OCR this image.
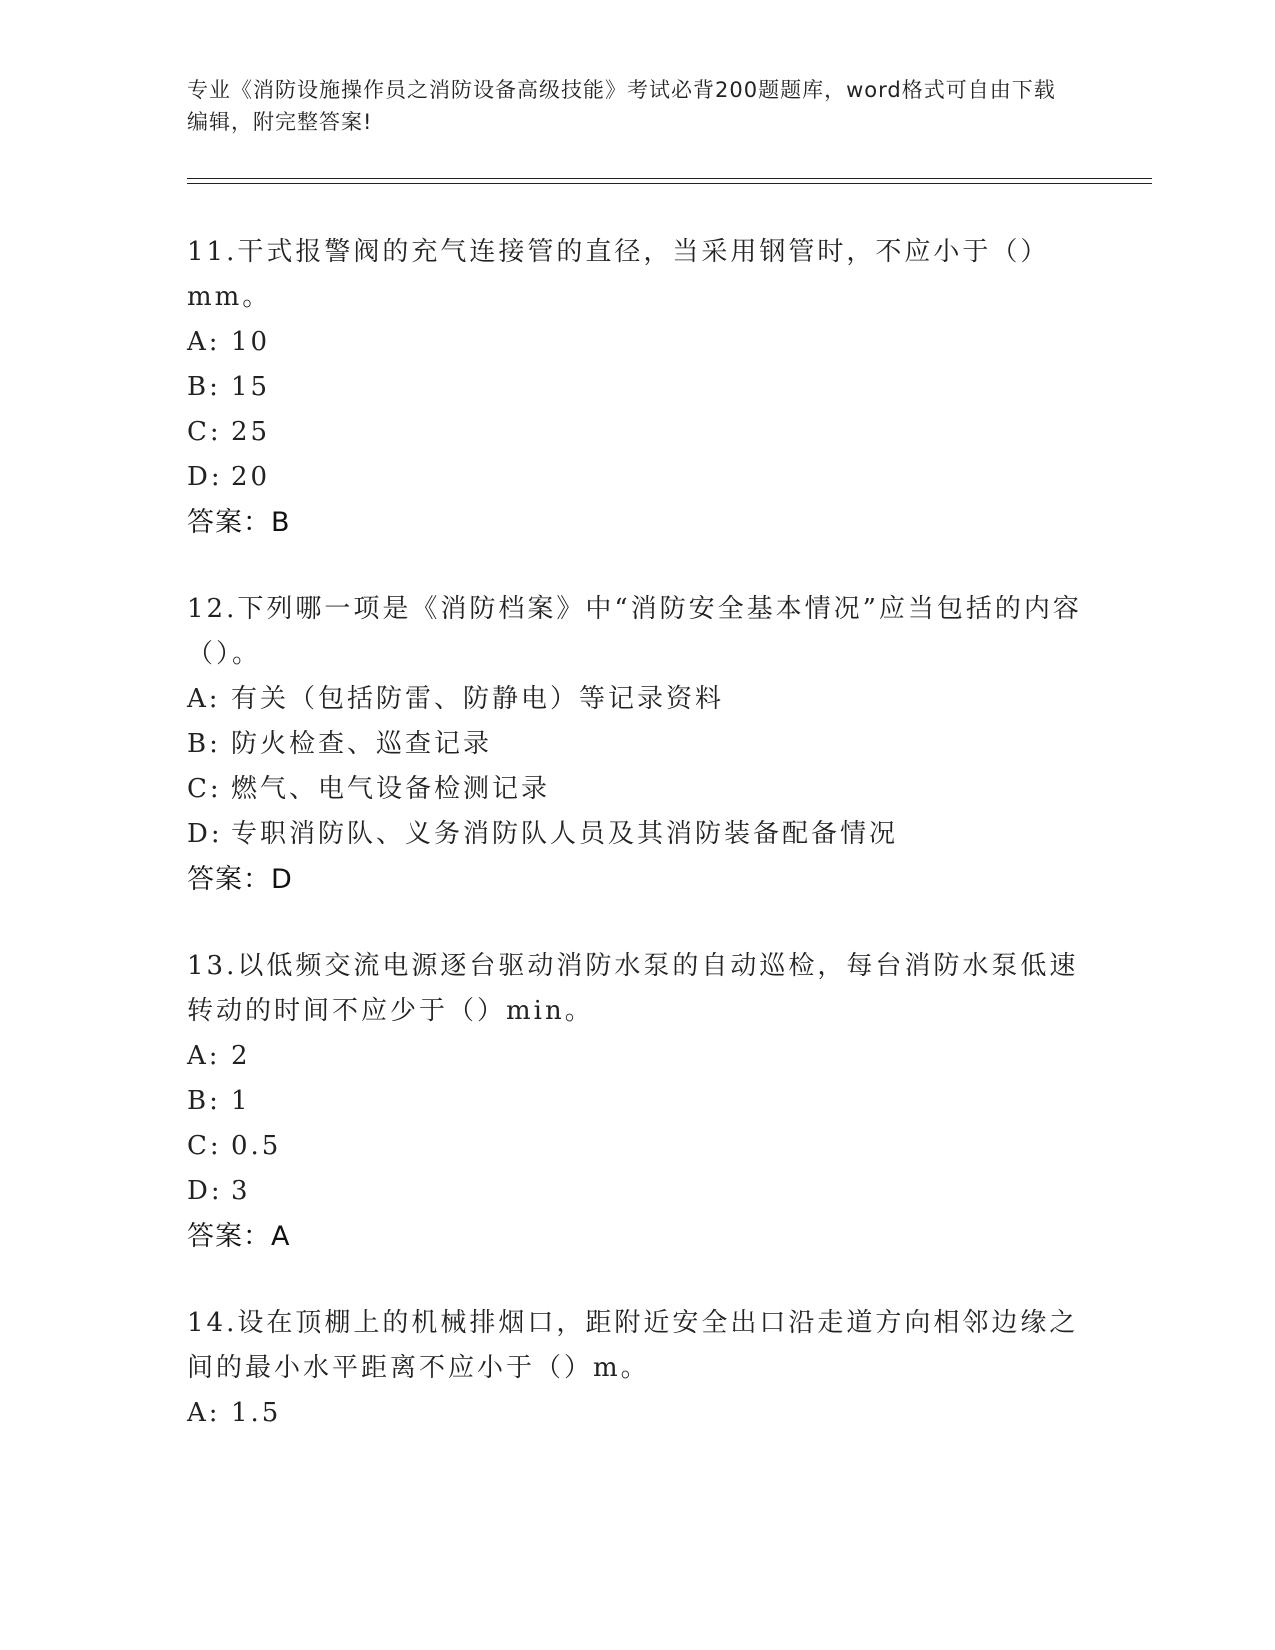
专业《消防设施操作员之消防设备高级技能》考试必背200题题库，word格式可自由下载编辑，附完整答案!

11.干式报警阀的充气连接管的直径，当采用钢管时，不应小于（）mm。

A: 10

B: 15

C: 25

D: 20

答案：B

12.下列哪一项是《消防档案》中“消防安全基本情况”应当包括的内容（）。

A: 有关（包括防雷、防静电）等记录资料

B: 防火检查、巡查记录

C: 燃气、电气设备检测记录

D: 专职消防队、义务消防队人员及其消防装备配备情况

答案：D

13.以低频交流电源逐台驱动消防水泵的自动巡检，每台消防水泵低速转动的时间不应少于（）min。

A: 2

B: 1

C: 0.5

D: 3

答案：A

14.设在顶棚上的机械排烟口，距附近安全出口沿走道方向相邻边缘之间的最小水平距离不应小于（）m。

A: 1.5
